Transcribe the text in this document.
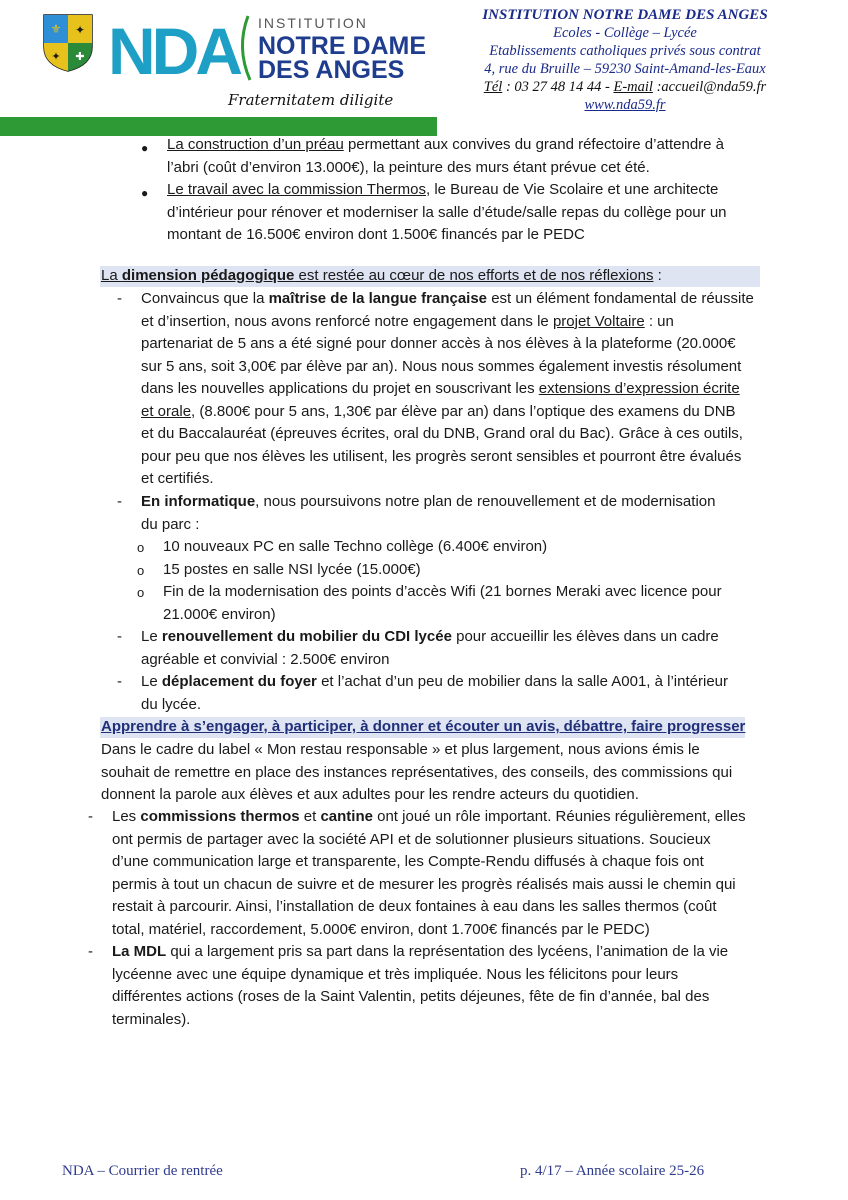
⚜ ✦
✦ ✚ NDA INSTITUTION
NOTRE DAME
DES ANGES
Fraternitatem diligite
INSTITUTION NOTRE DAME DES ANGES
Ecoles - Collège – Lycée
Etablissements catholiques privés sous contrat
4, rue du Bruille – 59230 Saint-Amand-les-Eaux
Tél : 03 27 48 14 44 - E-mail :accueil@nda59.fr
www.nda59.fr
● La construction d’un préau permettant aux convives du grand réfectoire d’attendre à
l’abri (coût d’environ 13.000€), la peinture des murs étant prévue cet été.
● Le travail avec la commission Thermos, le Bureau de Vie Scolaire et une architecte
d’intérieur pour rénover et moderniser la salle d’étude/salle repas du collège pour un
montant de 16.500€ environ dont 1.500€ financés par le PEDC
La dimension pédagogique est restée au cœur de nos efforts et de nos réflexions :
- Convaincus que la maîtrise de la langue française est un élément fondamental de réussite
et d’insertion, nous avons renforcé notre engagement dans le projet Voltaire : un
partenariat de 5 ans a été signé pour donner accès à nos élèves à la plateforme (20.000€
sur 5 ans, soit 3,00€ par élève par an). Nous nous sommes également investis résolument
dans les nouvelles applications du projet en souscrivant les extensions d’expression écrite
et orale, (8.800€ pour 5 ans, 1,30€ par élève par an) dans l’optique des examens du DNB
et du Baccalauréat (épreuves écrites, oral du DNB, Grand oral du Bac). Grâce à ces outils,
pour peu que nos élèves les utilisent, les progrès seront sensibles et pourront être évalués
et certifiés.
- En informatique, nous poursuivons notre plan de renouvellement et de modernisation
du parc :
o 10 nouveaux PC en salle Techno collège (6.400€ environ)
o 15 postes en salle NSI lycée (15.000€)
o Fin de la modernisation des points d’accès Wifi (21 bornes Meraki avec licence pour
21.000€ environ)
- Le renouvellement du mobilier du CDI lycée pour accueillir les élèves dans un cadre
agréable et convivial : 2.500€ environ
- Le déplacement du foyer et l’achat d’un peu de mobilier dans la salle A001, à l’intérieur
du lycée.
Apprendre à s’engager, à participer, à donner et écouter un avis, débattre, faire progresser
Dans le cadre du label « Mon restau responsable » et plus largement, nous avions émis le
souhait de remettre en place des instances représentatives, des conseils, des commissions qui
donnent la parole aux élèves et aux adultes pour les rendre acteurs du quotidien.
- Les commissions thermos et cantine ont joué un rôle important. Réunies régulièrement, elles
ont permis de partager avec la société API et de solutionner plusieurs situations. Soucieux
d’une communication large et transparente, les Compte-Rendu diffusés à chaque fois ont
permis à tout un chacun de suivre et de mesurer les progrès réalisés mais aussi le chemin qui
restait à parcourir. Ainsi, l’installation de deux fontaines à eau dans les salles thermos (coût
total, matériel, raccordement, 5.000€ environ, dont 1.700€ financés par le PEDC)
- La MDL qui a largement pris sa part dans la représentation des lycéens, l’animation de la vie
lycéenne avec une équipe dynamique et très impliquée. Nous les félicitons pour leurs
différentes actions (roses de la Saint Valentin, petits déjeunes, fête de fin d’année, bal des
terminales).
NDA – Courrier de rentrée	p. 4/17 – Année scolaire 25-26
